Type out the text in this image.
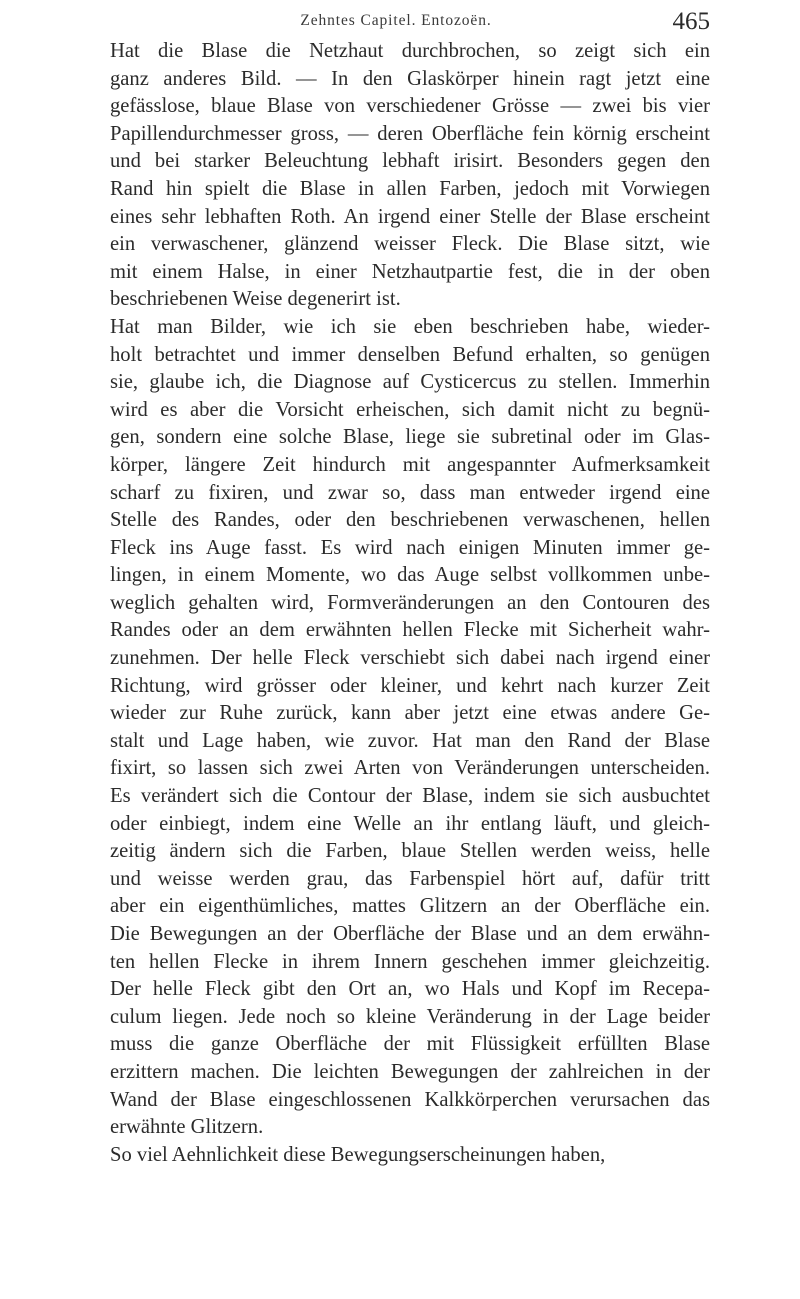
Zehntes Capitel. Entozoën.	465

Hat die Blase die Netzhaut durchbrochen, so zeigt sich ein
ganz anderes Bild. — In den Glaskörper hinein ragt jetzt eine
gefässlose, blaue Blase von verschiedener Grösse — zwei bis vier
Papillendurchmesser gross, — deren Oberfläche fein körnig erscheint
und bei starker Beleuchtung lebhaft irisirt. Besonders gegen den
Rand hin spielt die Blase in allen Farben, jedoch mit Vorwiegen
eines sehr lebhaften Roth. An irgend einer Stelle der Blase erscheint
ein verwaschener, glänzend weisser Fleck. Die Blase sitzt, wie
mit einem Halse, in einer Netzhautpartie fest, die in der oben
beschriebenen Weise degenerirt ist.

Hat man Bilder, wie ich sie eben beschrieben habe, wieder-
holt betrachtet und immer denselben Befund erhalten, so genügen
sie, glaube ich, die Diagnose auf Cysticercus zu stellen. Immerhin
wird es aber die Vorsicht erheischen, sich damit nicht zu begnü-
gen, sondern eine solche Blase, liege sie subretinal oder im Glas-
körper, längere Zeit hindurch mit angespannter Aufmerksamkeit
scharf zu fixiren, und zwar so, dass man entweder irgend eine
Stelle des Randes, oder den beschriebenen verwaschenen, hellen
Fleck ins Auge fasst. Es wird nach einigen Minuten immer ge-
lingen, in einem Momente, wo das Auge selbst vollkommen unbe-
weglich gehalten wird, Formveränderungen an den Contouren des
Randes oder an dem erwähnten hellen Flecke mit Sicherheit wahr-
zunehmen. Der helle Fleck verschiebt sich dabei nach irgend einer
Richtung, wird grösser oder kleiner, und kehrt nach kurzer Zeit
wieder zur Ruhe zurück, kann aber jetzt eine etwas andere Ge-
stalt und Lage haben, wie zuvor. Hat man den Rand der Blase
fixirt, so lassen sich zwei Arten von Veränderungen unterscheiden.
Es verändert sich die Contour der Blase, indem sie sich ausbuchtet
oder einbiegt, indem eine Welle an ihr entlang läuft, und gleich-
zeitig ändern sich die Farben, blaue Stellen werden weiss, helle
und weisse werden grau, das Farbenspiel hört auf, dafür tritt
aber ein eigenthümliches, mattes Glitzern an der Oberfläche ein.
Die Bewegungen an der Oberfläche der Blase und an dem erwähn-
ten hellen Flecke in ihrem Innern geschehen immer gleichzeitig.
Der helle Fleck gibt den Ort an, wo Hals und Kopf im Recepa-
culum liegen. Jede noch so kleine Veränderung in der Lage beider
muss die ganze Oberfläche der mit Flüssigkeit erfüllten Blase
erzittern machen. Die leichten Bewegungen der zahlreichen in der
Wand der Blase eingeschlossenen Kalkkörperchen verursachen das
erwähnte Glitzern.

So viel Aehnlichkeit diese Bewegungserscheinungen haben,
